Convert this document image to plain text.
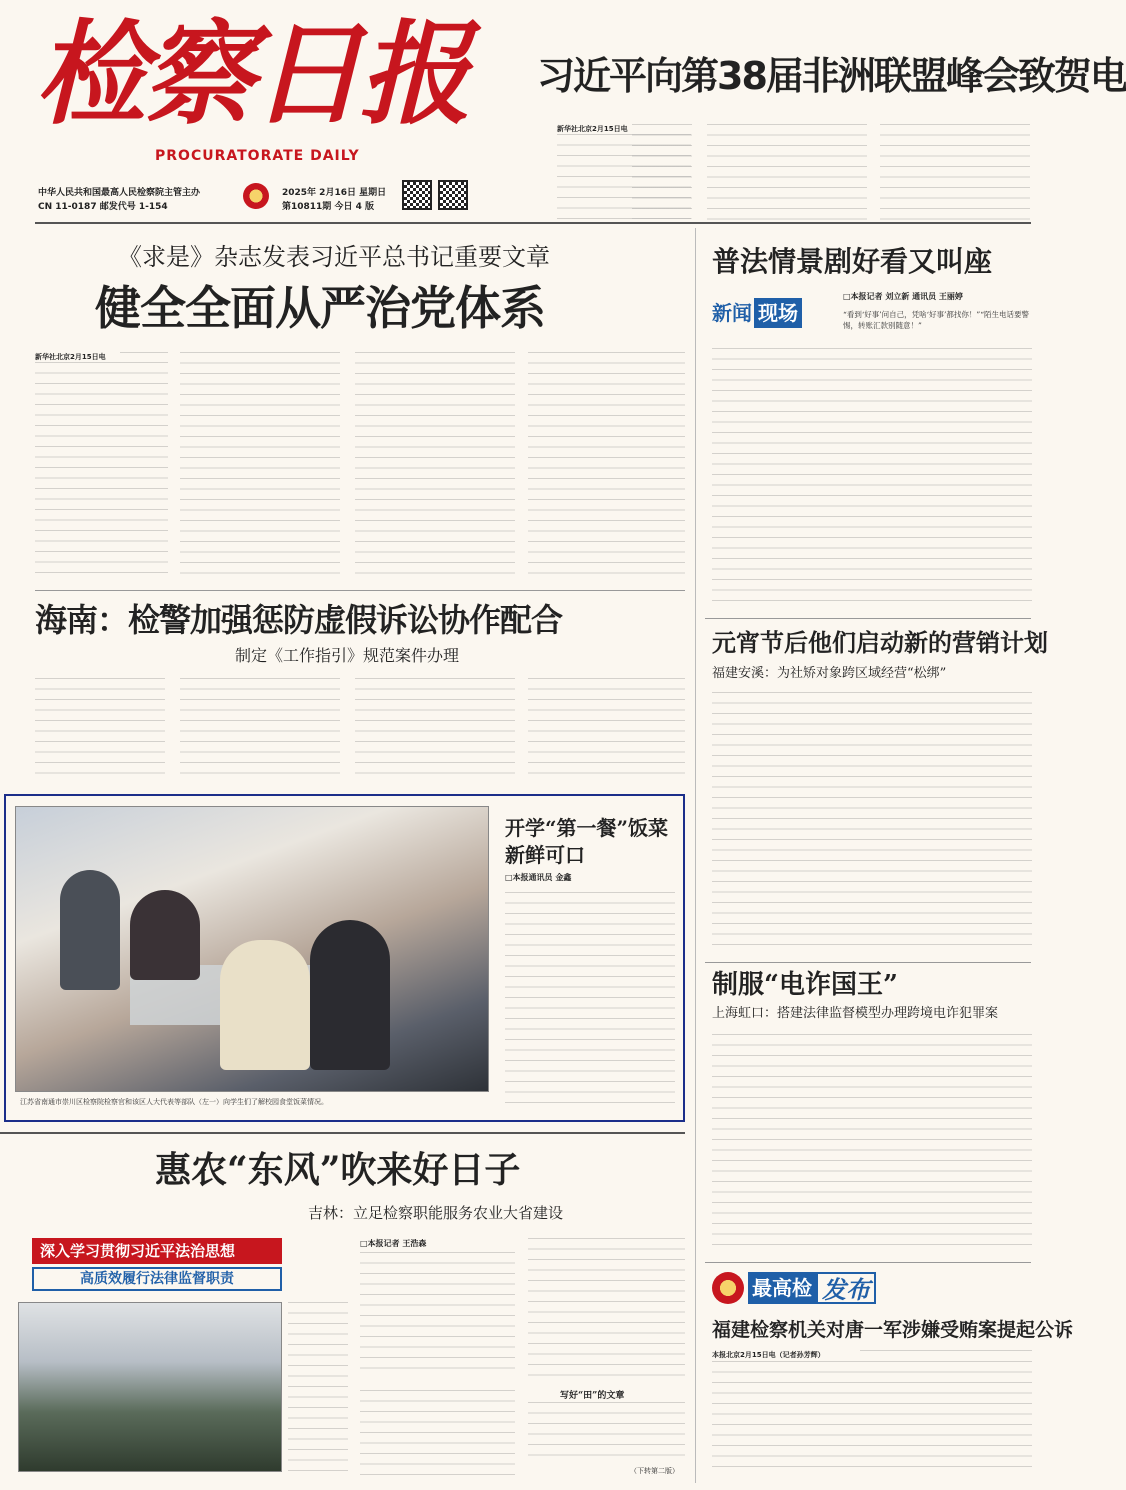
检察日报
PROCURATORATE DAILY
中华人民共和国最高人民检察院主管主办
CN 11-0187 邮发代号 1-154
2025年 2月16日 星期日
第10811期 今日 4 版
习近平向第38届非洲联盟峰会致贺电
新华社北京2月15日电
《求是》杂志发表习近平总书记重要文章
健全全面从严治党体系
新华社北京2月15日电
海南：检警加强惩防虚假诉讼协作配合
制定《工作指引》规范案件办理
江苏省南通市崇川区检察院检察官和该区人大代表等部队（左一）向学生们了解校园食堂饭菜情况。
开学“第一餐”饭菜新鲜可口
□本报通讯员 金鑫
惠农“东风”吹来好日子
吉林：立足检察职能服务农业大省建设
深入学习贯彻习近平法治思想
高质效履行法律监督职责
□本报记者 王浩森
写好“田”的文章
（下转第二版）
普法情景剧好看又叫座
新闻 现场
□本报记者 刘立新 通讯员 王丽婷
“看到‘好事’问自己，凭啥‘好事’都找你！”“陌生电话要警惕，转账汇款别随意！”
元宵节后他们启动新的营销计划
福建安溪：为社矫对象跨区域经营“松绑”
制服“电诈国王”
上海虹口：搭建法律监督模型办理跨境电诈犯罪案
最高检 发布
福建检察机关对唐一军涉嫌受贿案提起公诉
本报北京2月15日电（记者孙芳辉）
